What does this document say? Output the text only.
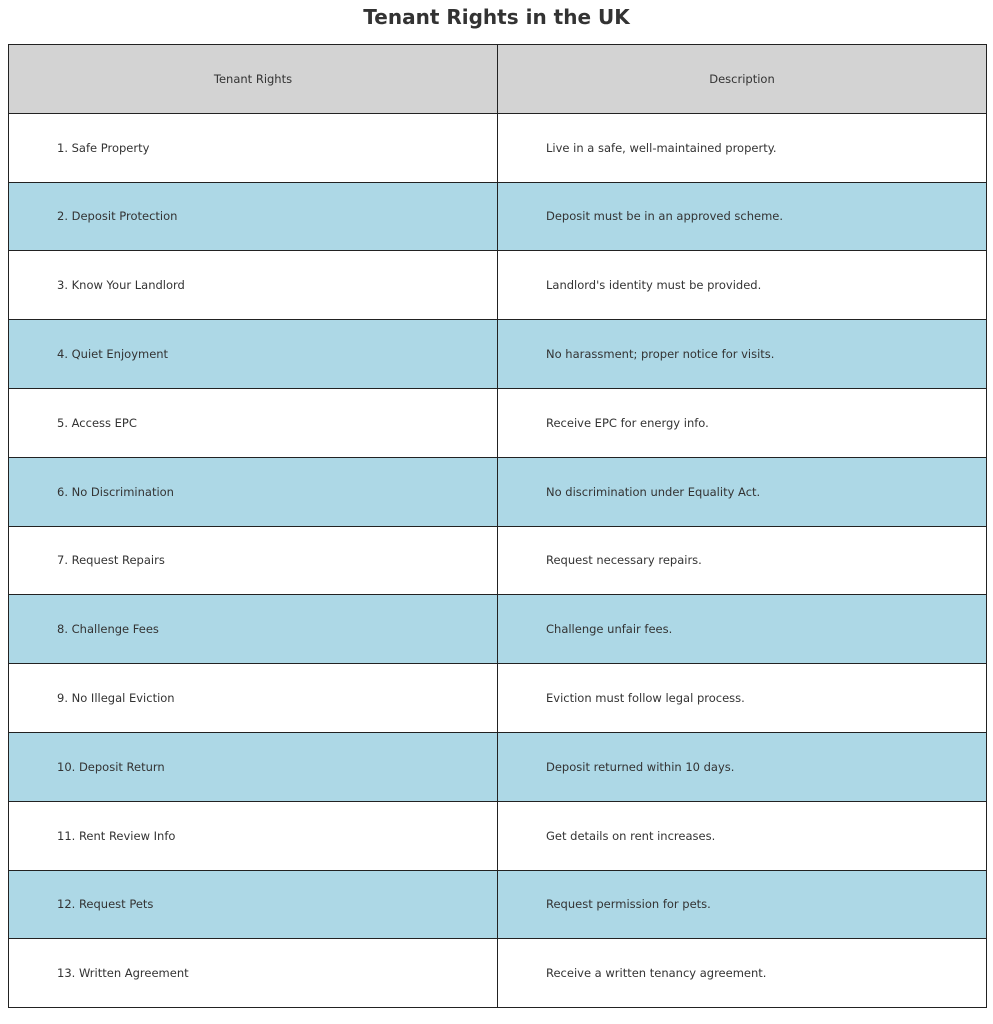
Tenant Rights in the UK
Tenant Rights	Description
1. Safe Property	Live in a safe, well-maintained property.
2. Deposit Protection	Deposit must be in an approved scheme.
3. Know Your Landlord	Landlord's identity must be provided.
4. Quiet Enjoyment	No harassment; proper notice for visits.
5. Access EPC	Receive EPC for energy info.
6. No Discrimination	No discrimination under Equality Act.
7. Request Repairs	Request necessary repairs.
8. Challenge Fees	Challenge unfair fees.
9. No Illegal Eviction	Eviction must follow legal process.
10. Deposit Return	Deposit returned within 10 days.
11. Rent Review Info	Get details on rent increases.
12. Request Pets	Request permission for pets.
13. Written Agreement	Receive a written tenancy agreement.
